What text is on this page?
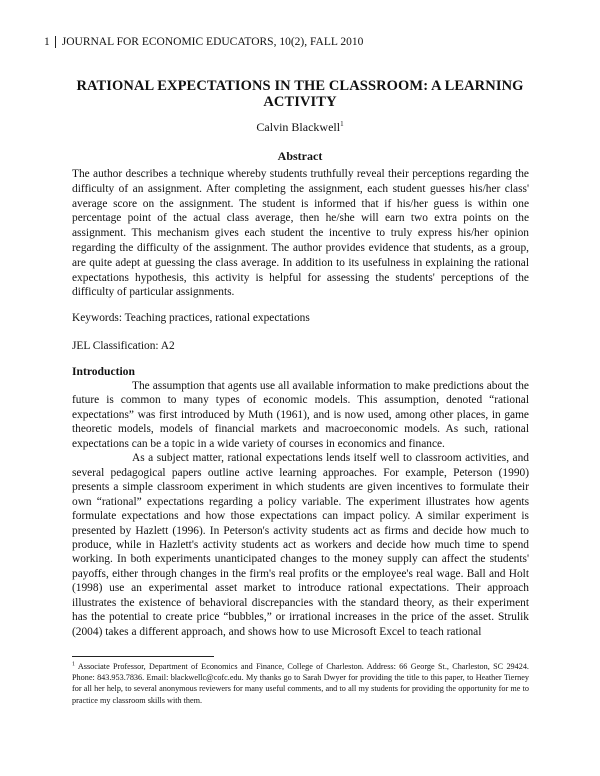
1 JOURNAL FOR ECONOMIC EDUCATORS, 10(2), FALL 2010
RATIONAL EXPECTATIONS IN THE CLASSROOM: A LEARNING ACTIVITY
Calvin Blackwell$^1$
Abstract
The author describes a technique whereby students truthfully reveal their perceptions regarding the difficulty of an assignment. After completing the assignment, each student guesses his/her class' average score on the assignment. The student is informed that if his/her guess is within one percentage point of the actual class average, then he/she will earn two extra points on the assignment. This mechanism gives each student the incentive to truly express his/her opinion regarding the difficulty of the assignment. The author provides evidence that students, as a group, are quite adept at guessing the class average. In addition to its usefulness in explaining the rational expectations hypothesis, this activity is helpful for assessing the students' perceptions of the difficulty of particular assignments.
Keywords: Teaching practices, rational expectations
JEL Classification: A2
Introduction

The assumption that agents use all available information to make predictions about the future is common to many types of economic models. This assumption, denoted “rational expectations” was first introduced by Muth (1961), and is now used, among other places, in game theoretic models, models of financial markets and macroeconomic models. As such, rational expectations can be a topic in a wide variety of courses in economics and finance.

As a subject matter, rational expectations lends itself well to classroom activities, and several pedagogical papers outline active learning approaches. For example, Peterson (1990) presents a simple classroom experiment in which students are given incentives to formulate their own “rational” expectations regarding a policy variable. The experiment illustrates how agents formulate expectations and how those expectations can impact policy. A similar experiment is presented by Hazlett (1996). In Peterson's activity students act as firms and decide how much to produce, while in Hazlett's activity students act as workers and decide how much time to spend working. In both experiments unanticipated changes to the money supply can affect the students' payoffs, either through changes in the firm's real profits or the employee's real wage. Ball and Holt (1998) use an experimental asset market to introduce rational expectations. Their approach illustrates the existence of behavioral discrepancies with the standard theory, as their experiment has the potential to create price “bubbles,” or irrational increases in the price of the asset. Strulik (2004) takes a different approach, and shows how to use Microsoft Excel to teach rational

$^1$ Associate Professor, Department of Economics and Finance, College of Charleston. Address: 66 George St., Charleston, SC 29424. Phone: 843.953.7836. Email: blackwellc@cofc.edu. My thanks go to Sarah Dwyer for providing the title to this paper, to Heather Tierney for all her help, to several anonymous reviewers for many useful comments, and to all my students for providing the opportunity for me to practice my classroom skills with them.
